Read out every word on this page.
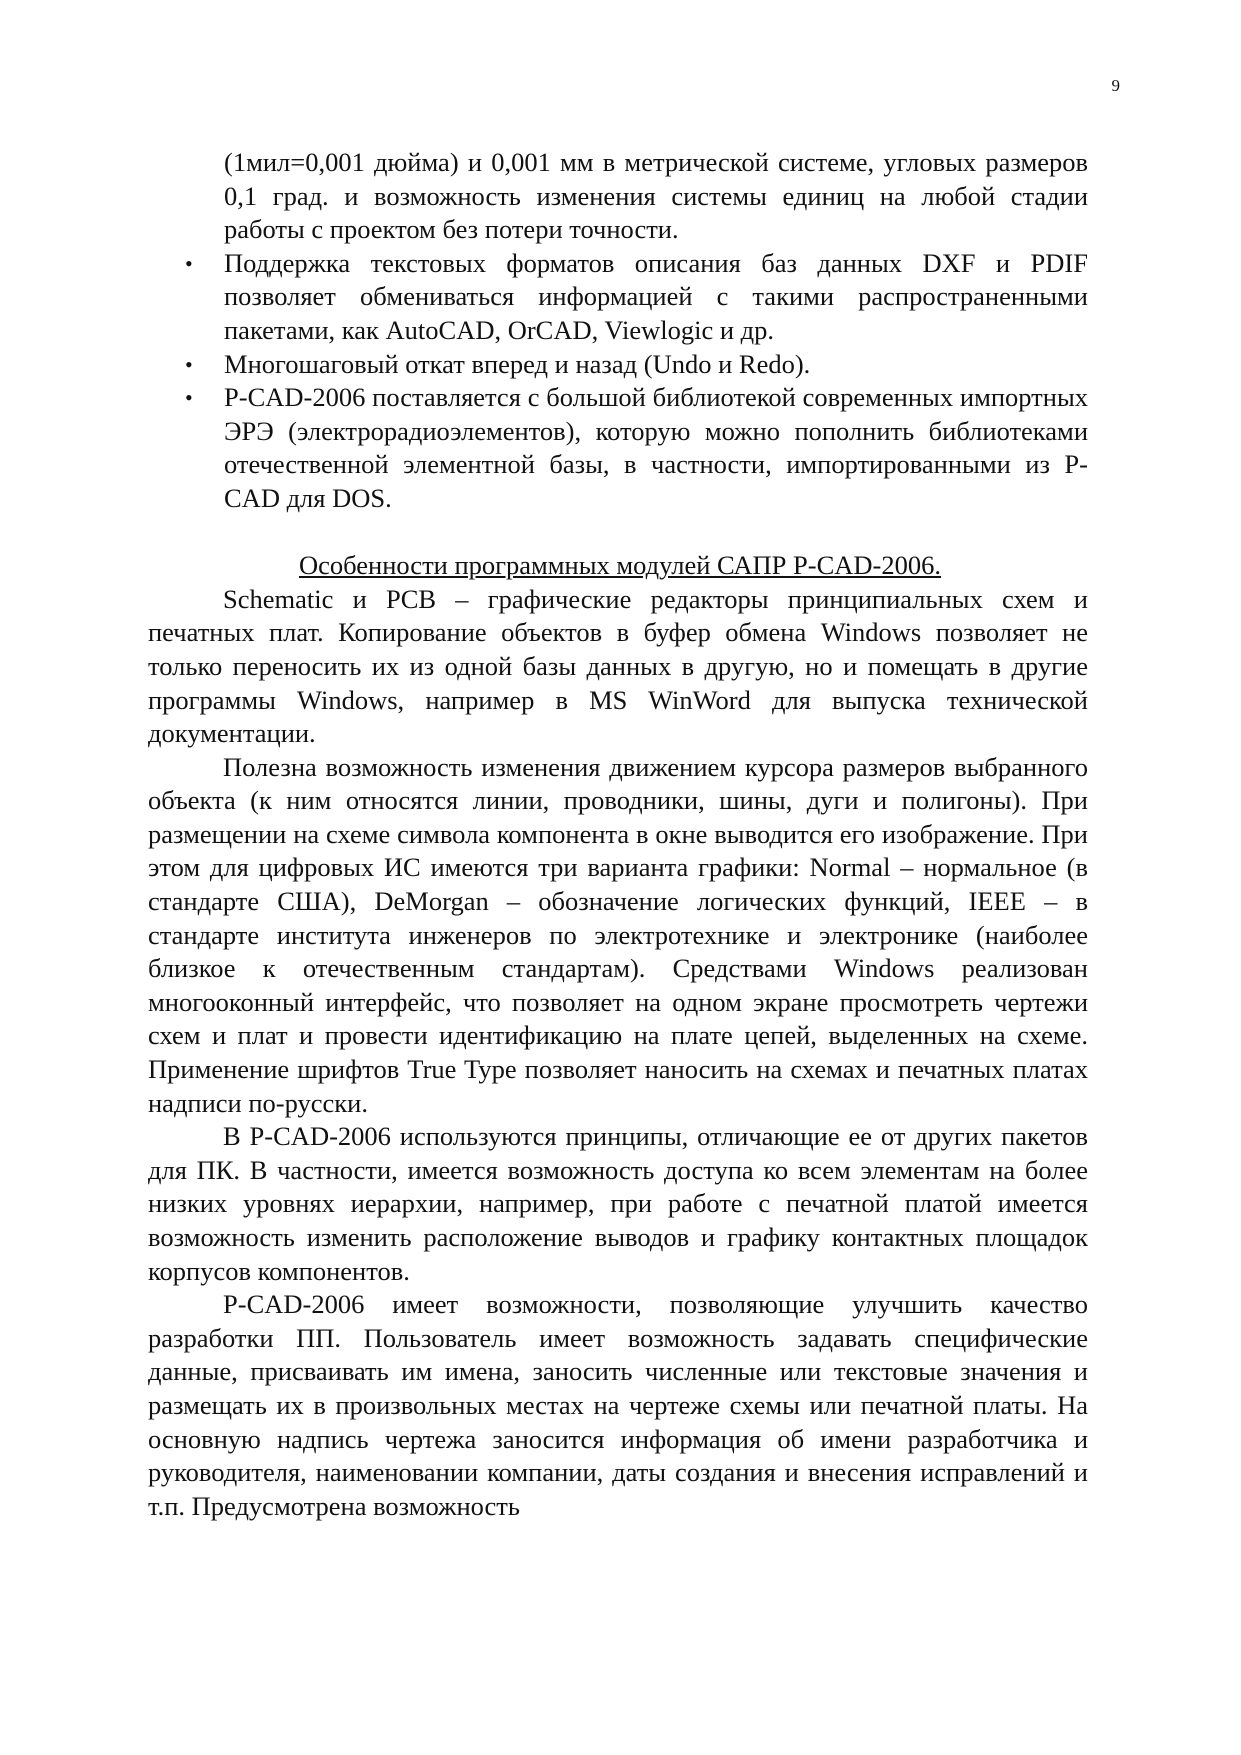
9

(1мил=0,001 дюйма) и 0,001 мм в метрической системе, угловых размеров 0,1 град. и возможность изменения системы единиц на любой стадии работы с проектом без потери точности.

• Поддержка текстовых форматов описания баз данных DXF и PDIF позволяет обмениваться информацией с такими распространенными пакетами, как AutoCAD, OrCAD, Viewlogic и др.
• Многошаговый откат вперед и назад (Undo и Redo).
• P-CAD-2006 поставляется с большой библиотекой современных импортных ЭРЭ (электрорадиоэлементов), которую можно пополнить библиотеками отечественной элементной базы, в частности, импортированными из P-CAD для DOS.

Особенности программных модулей САПР P-CAD-2006.

Schematic и PCB – графические редакторы принципиальных схем и печатных плат. Копирование объектов в буфер обмена Windows позволяет не только переносить их из одной базы данных в другую, но и помещать в другие программы Windows, например в MS WinWord для выпуска технической документации.

Полезна возможность изменения движением курсора размеров выбранного объекта (к ним относятся линии, проводники, шины, дуги и полигоны). При размещении на схеме символа компонента в окне выводится его изображение. При этом для цифровых ИС имеются три варианта графики: Normal – нормальное (в стандарте США), DeMorgan – обозначение логических функций, IEEE – в стандарте института инженеров по электротехнике и электронике (наиболее близкое к отечественным стандартам). Средствами Windows реализован многооконный интерфейс, что позволяет на одном экране просмотреть чертежи схем и плат и провести идентификацию на плате цепей, выделенных на схеме. Применение шрифтов True Type позволяет наносить на схемах и печатных платах надписи по-русски.

В P-CAD-2006 используются принципы, отличающие ее от других пакетов для ПК. В частности, имеется возможность доступа ко всем элементам на более низких уровнях иерархии, например, при работе с печатной платой имеется возможность изменить расположение выводов и графику контактных площадок корпусов компонентов.

P-CAD-2006 имеет возможности, позволяющие улучшить качество разработки ПП. Пользователь имеет возможность задавать специфические данные, присваивать им имена, заносить численные или текстовые значения и размещать их в произвольных местах на чертеже схемы или печатной платы. На основную надпись чертежа заносится информация об имени разработчика и руководителя, наименовании компании, даты создания и внесения исправлений и т.п. Предусмотрена возможность
